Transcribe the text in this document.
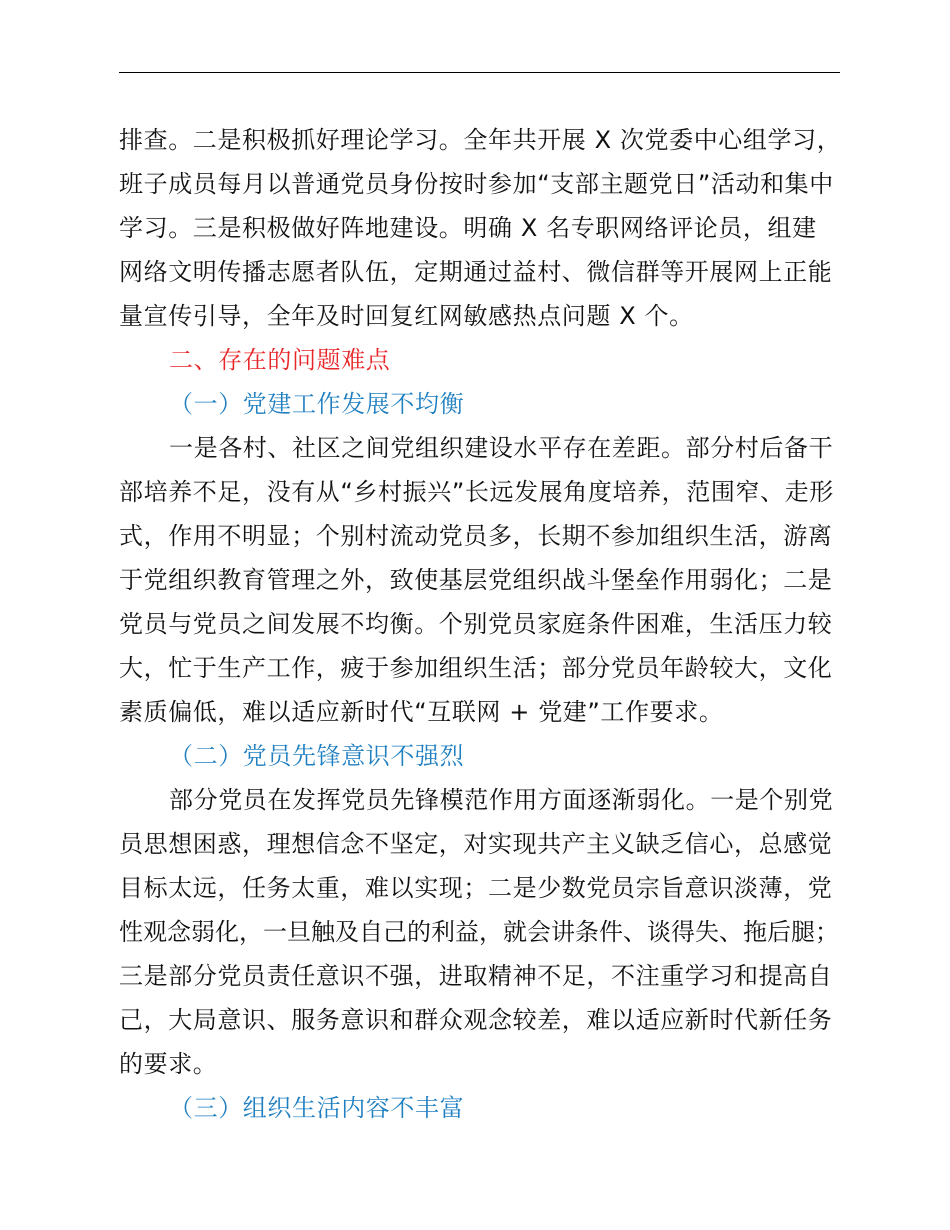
排查。二是积极抓好理论学习。全年共开展 X 次党委中心组学习，
班子成员每月以普通党员身份按时参加“支部主题党日”活动和集中
学习。三是积极做好阵地建设。明确 X 名专职网络评论员，组建
网络文明传播志愿者队伍，定期通过益村、微信群等开展网上正能
量宣传引导，全年及时回复红网敏感热点问题 X 个。
二、存在的问题难点
（一）党建工作发展不均衡
一是各村、社区之间党组织建设水平存在差距。部分村后备干
部培养不足，没有从“乡村振兴”长远发展角度培养，范围窄、走形
式，作用不明显；个别村流动党员多，长期不参加组织生活，游离
于党组织教育管理之外，致使基层党组织战斗堡垒作用弱化；二是
党员与党员之间发展不均衡。个别党员家庭条件困难，生活压力较
大，忙于生产工作，疲于参加组织生活；部分党员年龄较大，文化
素质偏低，难以适应新时代“互联网 + 党建”工作要求。
（二）党员先锋意识不强烈
部分党员在发挥党员先锋模范作用方面逐渐弱化。一是个别党
员思想困惑，理想信念不坚定，对实现共产主义缺乏信心，总感觉
目标太远，任务太重，难以实现；二是少数党员宗旨意识淡薄，党
性观念弱化，一旦触及自己的利益，就会讲条件、谈得失、拖后腿；
三是部分党员责任意识不强，进取精神不足，不注重学习和提高自
己，大局意识、服务意识和群众观念较差，难以适应新时代新任务
的要求。
（三）组织生活内容不丰富
